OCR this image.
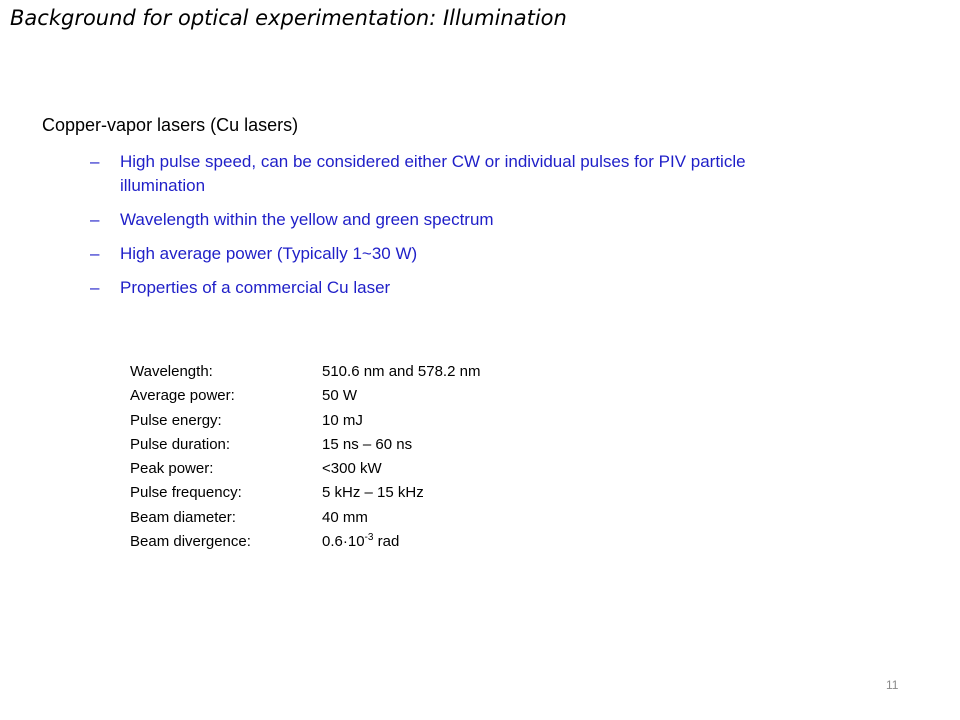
Background for optical experimentation: Illumination
Copper-vapor lasers (Cu lasers)
–	High pulse speed, can be considered either CW or individual pulses for PIV particle illumination
–	Wavelength within the yellow and green spectrum
–	High average power (Typically 1~30 W)
–	Properties of a commercial Cu laser
Wavelength:	510.6 nm and 578.2 nm
Average power:	50 W
Pulse energy:	10 mJ
Pulse duration:	15 ns – 60 ns
Peak power:	<300 kW
Pulse frequency:	5 kHz – 15 kHz
Beam diameter:	40 mm
Beam divergence:	$0.6\cdot 10^{-3}$ rad
11
